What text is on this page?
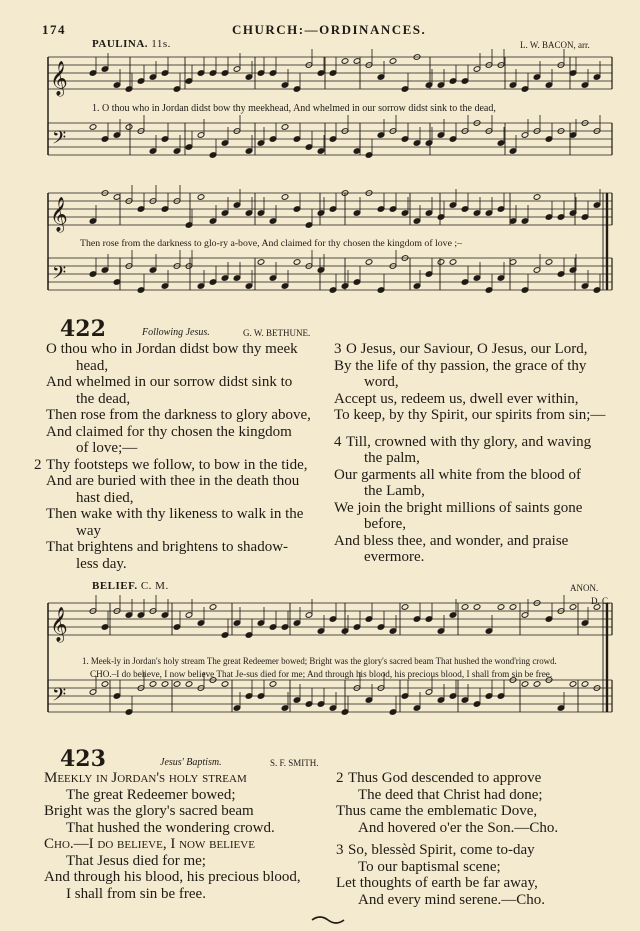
174	CHURCH:—ORDINANCES.
PAULINA. 11s.	L. W. BACON, arr.
𝄞
𝄢
𝄞
𝄢
𝄞
𝄢
1. O thou who in Jordan didst bow thy meekhead, And whelmed in our sorrow didst sink to the dead,
Then rose from the darkness to glo-ry a-bove, And claimed for thy chosen the kingdom of love ;–
422	Following Jesus.	G. W. BETHUNE.

O thou who in Jordan didst bow thy meek

head,

And whelmed in our sorrow didst sink to

the dead,

Then rose from the darkness to glory above,

And claimed for thy chosen the kingdom

of love;—

2 Thy footsteps we follow, to bow in the tide,

And are buried with thee in the death thou

hast died,

Then wake with thy likeness to walk in the

way

That brightens and brightens to shadow-

less day.

3 O Jesus, our Saviour, O Jesus, our Lord,

By the life of thy passion, the grace of thy

word,

Accept us, redeem us, dwell ever within,

To keep, by thy Spirit, our spirits from sin;—

4 Till, crowned with thy glory, and waving

the palm,

Our garments all white from the blood of

the Lamb,

We join the bright millions of saints gone

before,

And bless thee, and wonder, and praise

evermore.

BELIEF. C. M.	ANON.
D. C.
1. Meek-ly in Jordan's holy stream The great Redeemer bowed; Bright was the glory's sacred beam That hushed the wond'ring crowd.
CHO.–I do believe, I now believe That Je-sus died for me; And through his blood, his precious blood, I shall from sin be free.
423	Jesus' Baptism.	S. F. SMITH.

Meekly in Jordan's holy stream

The great Redeemer bowed;

Bright was the glory's sacred beam

That hushed the wondering crowd.

Cho.—I do believe, I now believe

That Jesus died for me;

And through his blood, his precious blood,

I shall from sin be free.

2 Thus God descended to approve

The deed that Christ had done;

Thus came the emblematic Dove,

And hovered o'er the Son.—Cho.

3 So, blessèd Spirit, come to-day

To our baptismal scene;

Let thoughts of earth be far away,

And every mind serene.—Cho.
